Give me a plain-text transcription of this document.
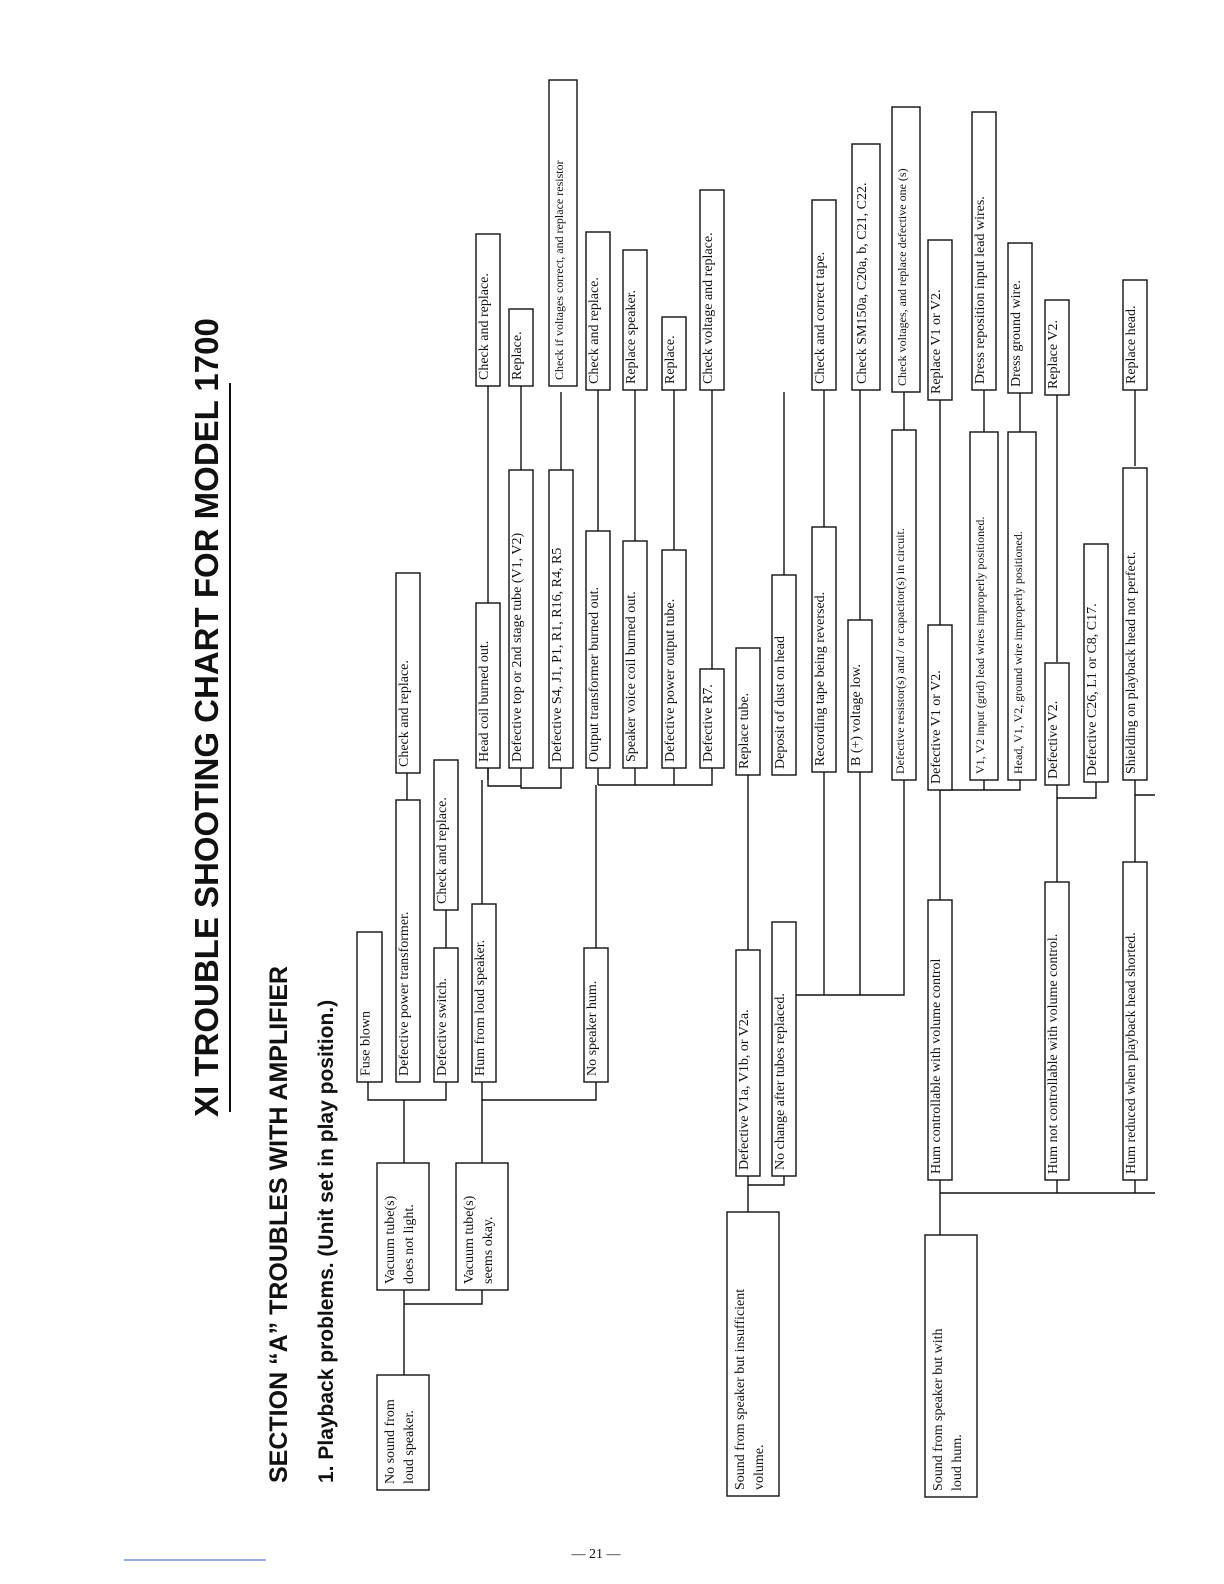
XI TROUBLE SHOOTING CHART FOR MODEL 1700
SECTION “A” TROUBLES WITH AMPLIFIER 1. Playback problems. (Unit set in play position.)	No sound from loud speaker.
Vacuum tube(s) does not light.	Vacuum tube(s) seems okay.
Fuse blown Defective power transformer.
Check and replace.
Defective switch.
Check and replace.
Hum from loud speaker.	No speaker hum.
Head coil burned out.
Check and replace.
Defective top or 2nd stage tube (V1, V2)
Replace.
Defective S4, J1, P1, R1, R16, R4, R5
Check if voltages correct, and replace resistor
Output transformer burned out.
Check and replace.
Speaker voice coil burned out.
Replace speaker.
Defective power output tube.
Replace.
Defective R7.
Check voltage and replace.
Sound from speaker but insufficient volume.
Defective V1a, V1b, or V2a.
Replace tube.
No change after tubes replaced.
Deposit of dust on head Recording tape being reversed.
Check and correct tape.
B (+) voltage low.
Check SM150a, C20a, b, C21, C22.
Defective resistor(s) and / or capacitor(s) in circuit.
Check voltages, and replace defective one (s)
Sound from speaker but with loud hum.
Hum controllable with volume control
Defective V1 or V2.
Replace V1 or V2.
V1, V2 input (grid) lead wires improperly positioned.
Dress reposition input lead wires.
Head, V1, V2, ground wire improperly positioned.
Dress ground wire.
Hum not controllable with volume control.
Defective V2.
Replace V2.
Defective C26, L1 or C8, C17.
Hum reduced when playback head shorted.
Shielding on playback head not perfect.
Replace head.
— 21 —
